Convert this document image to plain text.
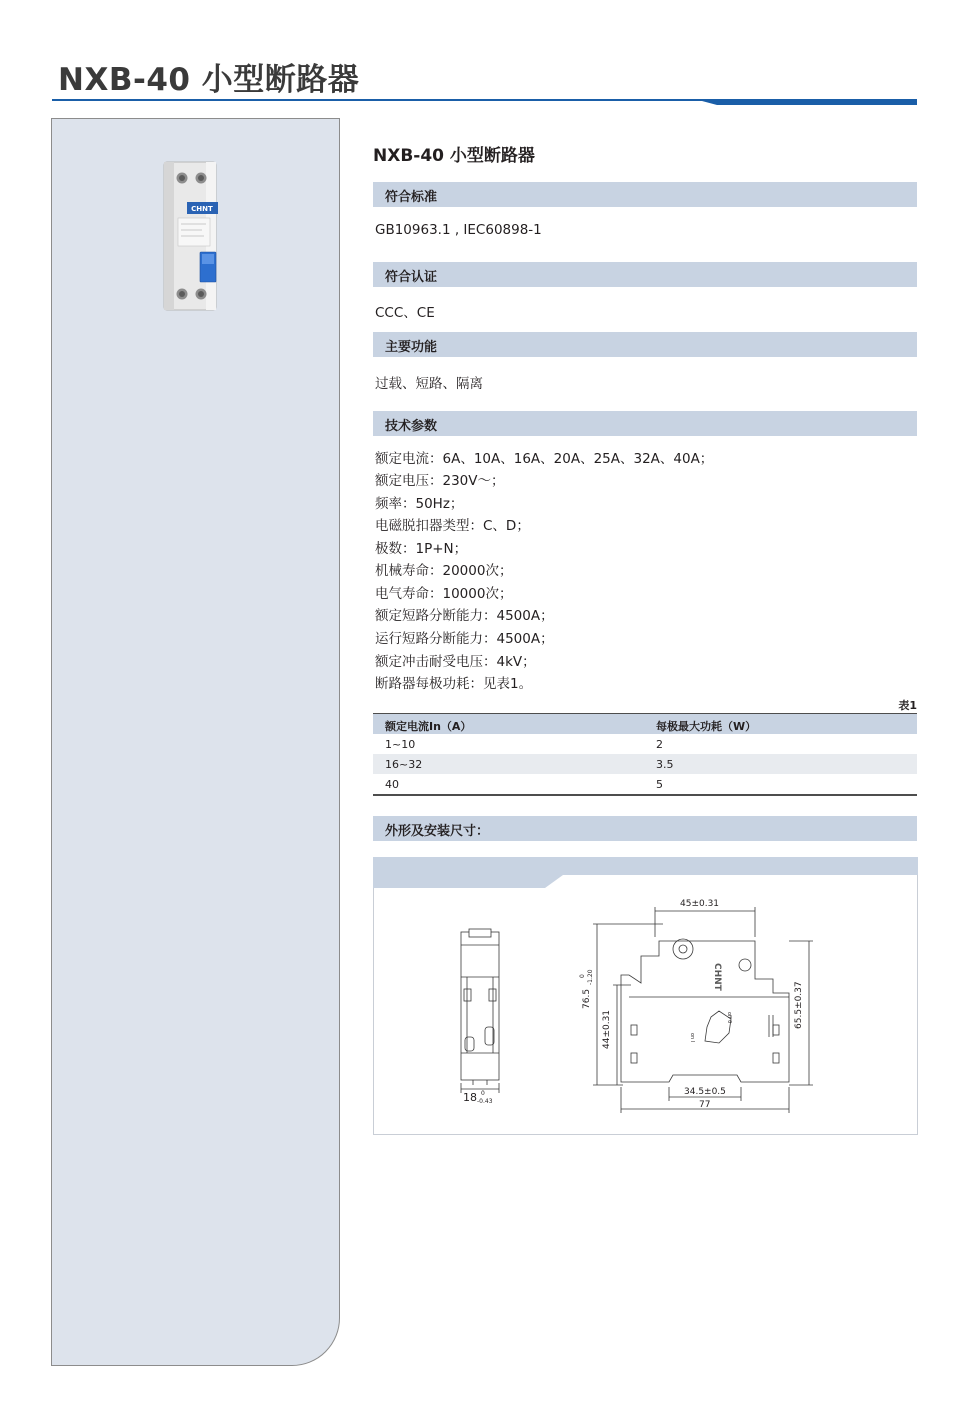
NXB-40 小型断路器
CHNT
NXB-40 小型断路器
符合标准
GB10963.1 , IEC60898-1
符合认证
CCC、CE
主要功能
过载、短路、隔离
技术参数
额定电流：6A、10A、16A、20A、25A、32A、40A；
额定电压：230V～；
频率：50Hz；
电磁脱扣器类型：C、D；
极数：1P+N；
机械寿命：20000次；
电气寿命：10000次；
额定短路分断能力：4500A；
运行短路分断能力：4500A；
额定冲击耐受电压：4kV；
断路器每极功耗：见表1。
表1
额定电流In（A）	每极最大功耗（W）
1~10	2
16~32	3.5
40	5
外形及安装尺寸：
18 0
-0.43
45±0.31
76.5
0 -1.20
44±0.31
65.5±0.37
34.5±0.5
77
CHNT
off 0
on I
